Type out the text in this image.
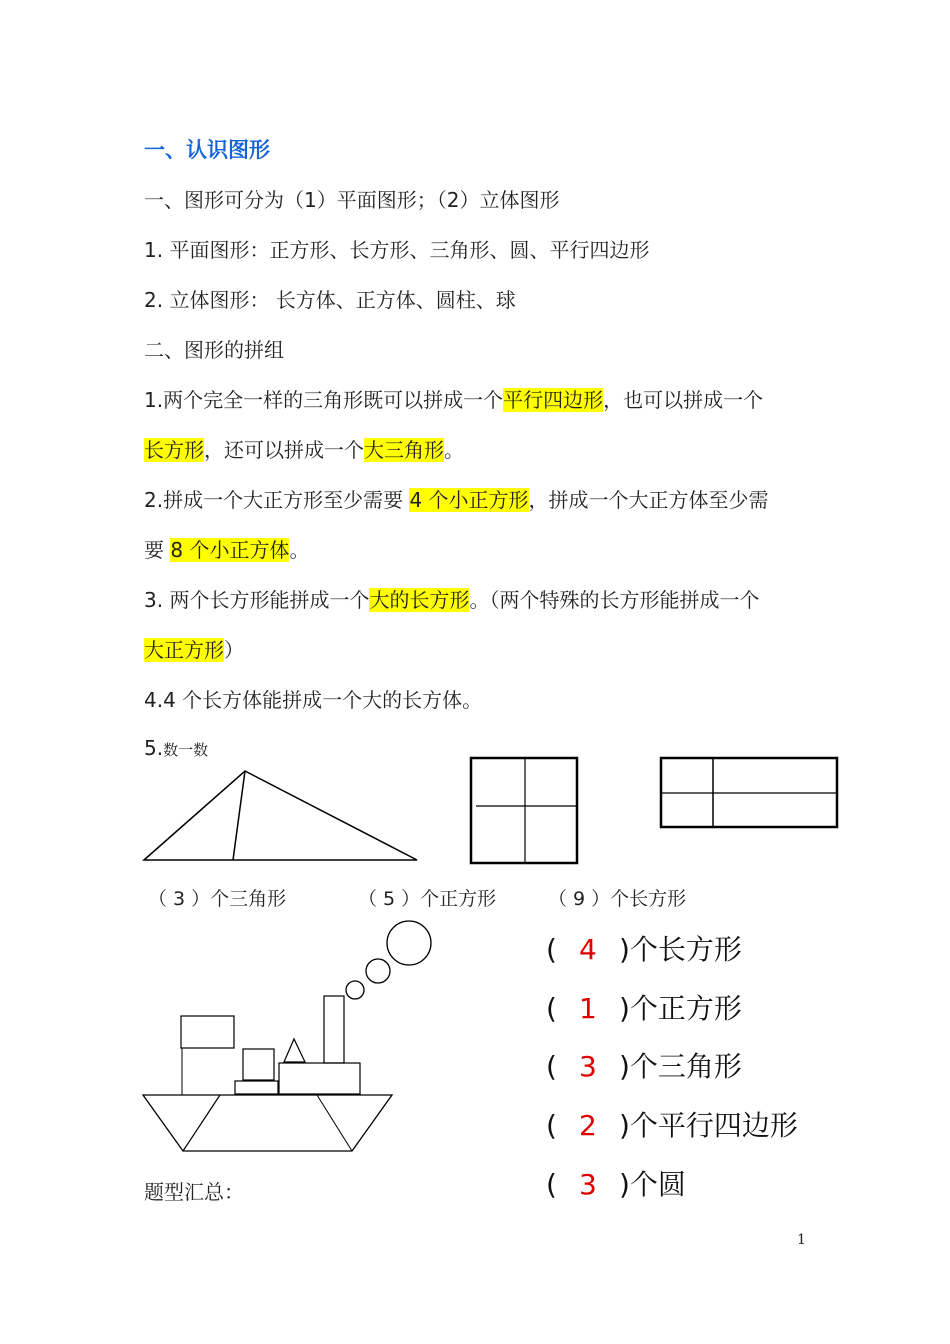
一、认识图形
一、图形可分为（1）平面图形；（2）立体图形
1. 平面图形：正方形、长方形、三角形、圆、平行四边形
2. 立体图形： 长方体、正方体、圆柱、球
二、图形的拼组
1.两个完全一样的三角形既可以拼成一个平行四边形，也可以拼成一个
长方形，还可以拼成一个大三角形。
2.拼成一个大正方形至少需要 4 个小正方形，拼成一个大正方体至少需
要 8 个小正方体。
3. 两个长方形能拼成一个大的长方形。（两个特殊的长方形能拼成一个
大正方形）
4.4 个长方体能拼成一个大的长方体。
5.数一数
（ 3 ）个三角形	（ 5 ）个正方形	（ 9 ）个长方形
( 4 )个长方形
( 1 )个正方形
( 3 )个三角形
( 2 )个平行四边形
( 3 )个圆
题型汇总：
1
